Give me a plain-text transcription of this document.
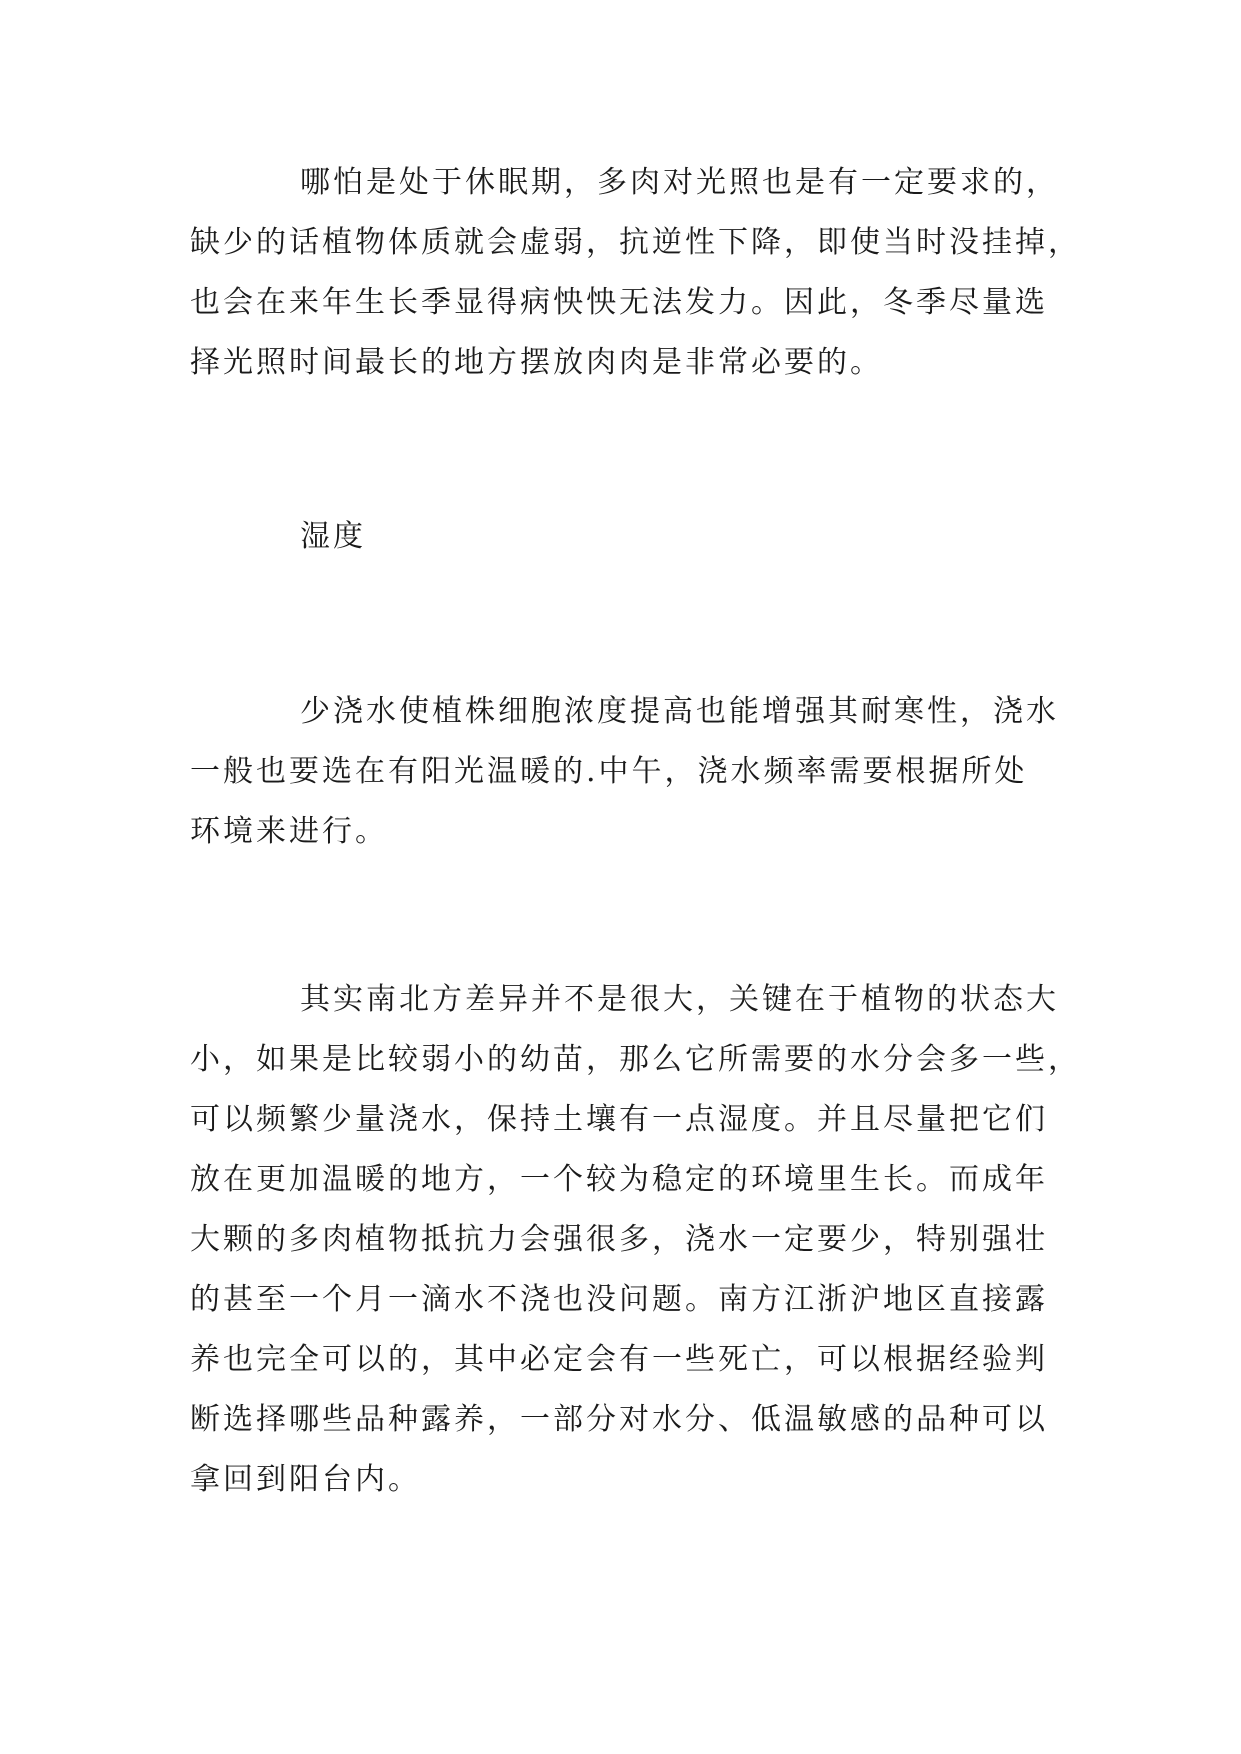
哪怕是处于休眠期，多肉对光照也是有一定要求的，
缺少的话植物体质就会虚弱，抗逆性下降，即使当时没挂掉，
也会在来年生长季显得病怏怏无法发力。因此，冬季尽量选
择光照时间最长的地方摆放肉肉是非常必要的。
湿度
少浇水使植株细胞浓度提高也能增强其耐寒性，浇水
一般也要选在有阳光温暖的.中午，浇水频率需要根据所处
环境来进行。
其实南北方差异并不是很大，关键在于植物的状态大
小，如果是比较弱小的幼苗，那么它所需要的水分会多一些，
可以频繁少量浇水，保持土壤有一点湿度。并且尽量把它们
放在更加温暖的地方，一个较为稳定的环境里生长。而成年
大颗的多肉植物抵抗力会强很多，浇水一定要少，特别强壮
的甚至一个月一滴水不浇也没问题。南方江浙沪地区直接露
养也完全可以的，其中必定会有一些死亡，可以根据经验判
断选择哪些品种露养，一部分对水分、低温敏感的品种可以
拿回到阳台内。
